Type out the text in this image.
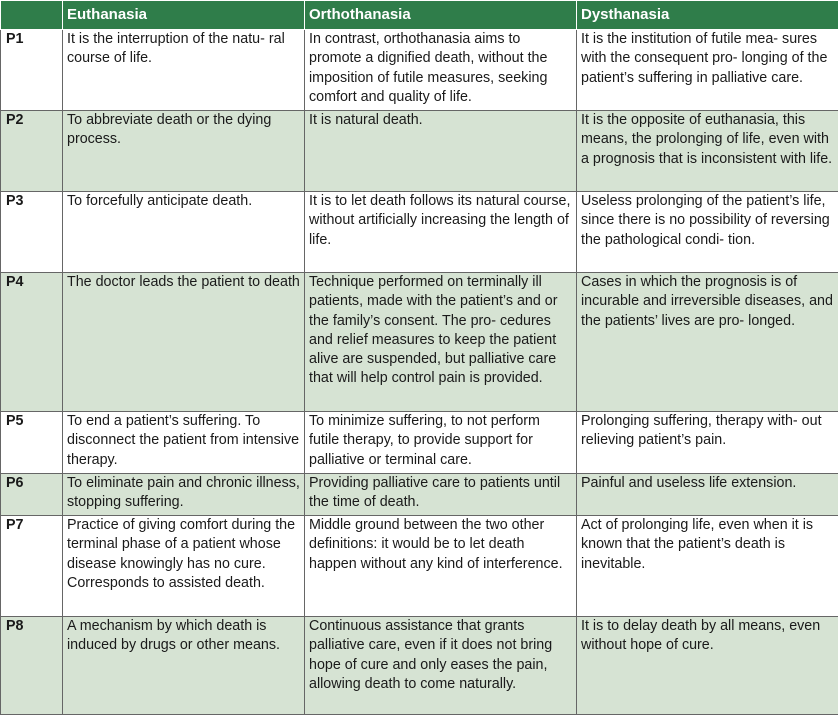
	Euthanasia	Orthothanasia	Dysthanasia
P1	It is the interruption of the natu- ral course of life.	In contrast, orthothanasia aims to promote a dignified death, without the imposition of futile measures, seeking comfort and quality of life.	It is the institution of futile mea- sures with the consequent pro- longing of the patient’s suffering in palliative care.
P2	To abbreviate death or the dying process.	It is natural death.	It is the opposite of euthanasia, this means, the prolonging of life, even with a prognosis that is inconsistent with life.
P3	To forcefully anticipate death.	It is to let death follows its natural course, without artificially increasing the length of life.	Useless prolonging of the patient’s life, since there is no possibility of reversing the pathological condi- tion.
P4	The doctor leads the patient to death	Technique performed on terminally ill patients, made with the patient’s and or the family’s consent. The pro- cedures and relief measures to keep the patient alive are suspended, but palliative care that will help control pain is provided.	Cases in which the prognosis is of incurable and irreversible diseases, and the patients’ lives are pro- longed.
P5	To end a patient’s suffering. To disconnect the patient from intensive therapy.	To minimize suffering, to not perform futile therapy, to provide support for palliative or terminal care.	Prolonging suffering, therapy with- out relieving patient’s pain.
P6	To eliminate pain and chronic illness, stopping suffering.	Providing palliative care to patients until the time of death.	Painful and useless life extension.
P7	Practice of giving comfort during the terminal phase of a patient whose disease knowingly has no cure. Corresponds to assisted death.	Middle ground between the two other definitions: it would be to let death happen without any kind of interference.	Act of prolonging life, even when it is known that the patient’s death is inevitable.
P8	A mechanism by which death is induced by drugs or other means.	Continuous assistance that grants palliative care, even if it does not bring hope of cure and only eases the pain, allowing death to come naturally.	It is to delay death by all means, even without hope of cure.
